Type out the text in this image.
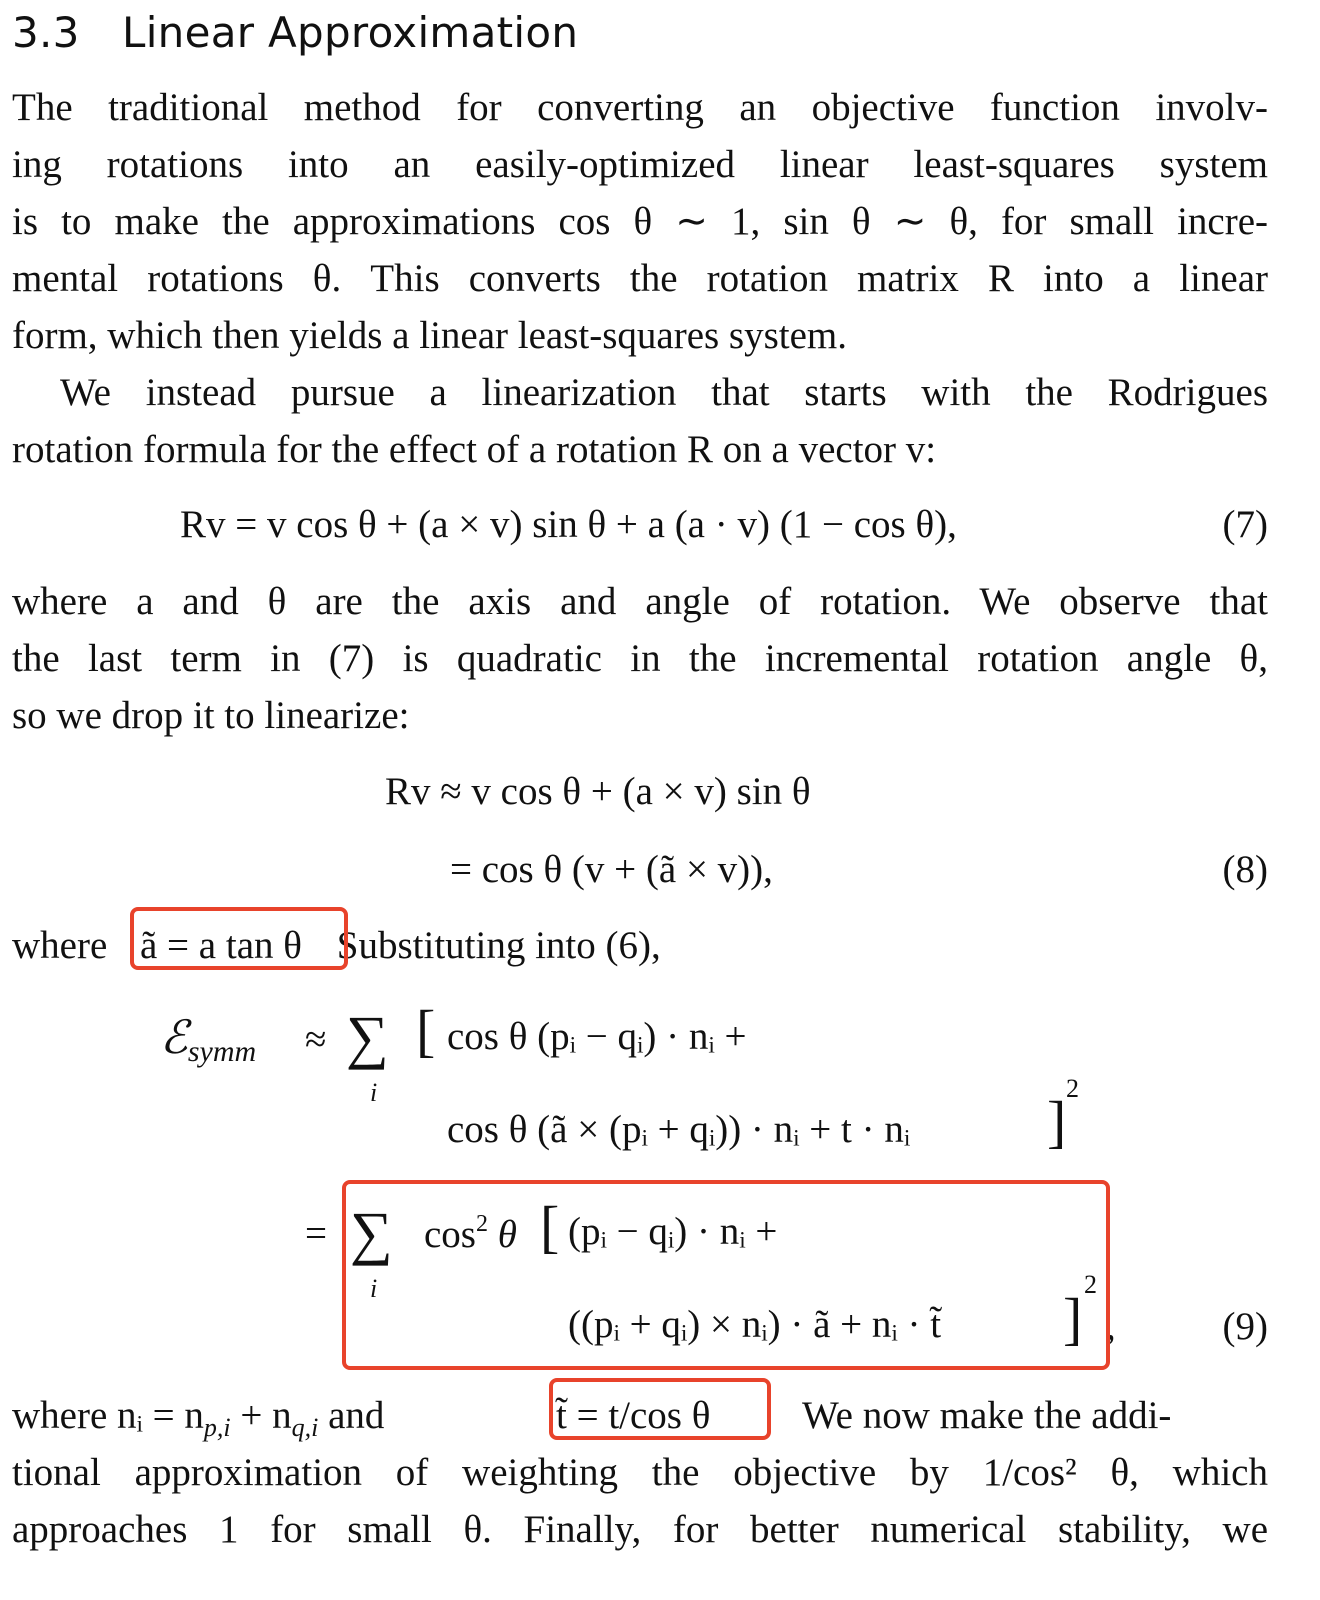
3.3 Linear Approximation
The traditional method for converting an objective function involv-
ing rotations into an easily-optimized linear least-squares system
is to make the approximations cos θ ∼ 1, sin θ ∼ θ, for small incre-
mental rotations θ. This converts the rotation matrix R into a linear
form, which then yields a linear least-squares system.
We instead pursue a linearization that starts with the Rodrigues
rotation formula for the effect of a rotation R on a vector v:
Rv = v cos θ + (a × v) sin θ + a (a · v) (1 − cos θ),	(7)
where a and θ are the axis and angle of rotation. We observe that
the last term in (7) is quadratic in the incremental rotation angle θ,
so we drop it to linearize:
Rv ≈ v cos θ + (a × v) sin θ
= cos θ (v + (ã × v)),	(8)
where	Substituting into (6),
ã = a tan θ
ℰ$_{symm}$ ≈ ∑
i
[ cos θ (pᵢ − qᵢ) · nᵢ +
cos θ (ã × (pᵢ + qᵢ)) · nᵢ + t · nᵢ ]
2
= ∑
i
$\cos^2 \theta$ [ (pᵢ − qᵢ) · nᵢ +
((pᵢ + qᵢ) × nᵢ) · ã + nᵢ · t̃ ]
2
,	(9)
where nᵢ = $n_{p,i} + n_{q,i}$ and	t̃ = t/cos θ We now make the addi-
tional approximation of weighting the objective by 1/cos² θ, which
approaches 1 for small θ. Finally, for better numerical stability, we
